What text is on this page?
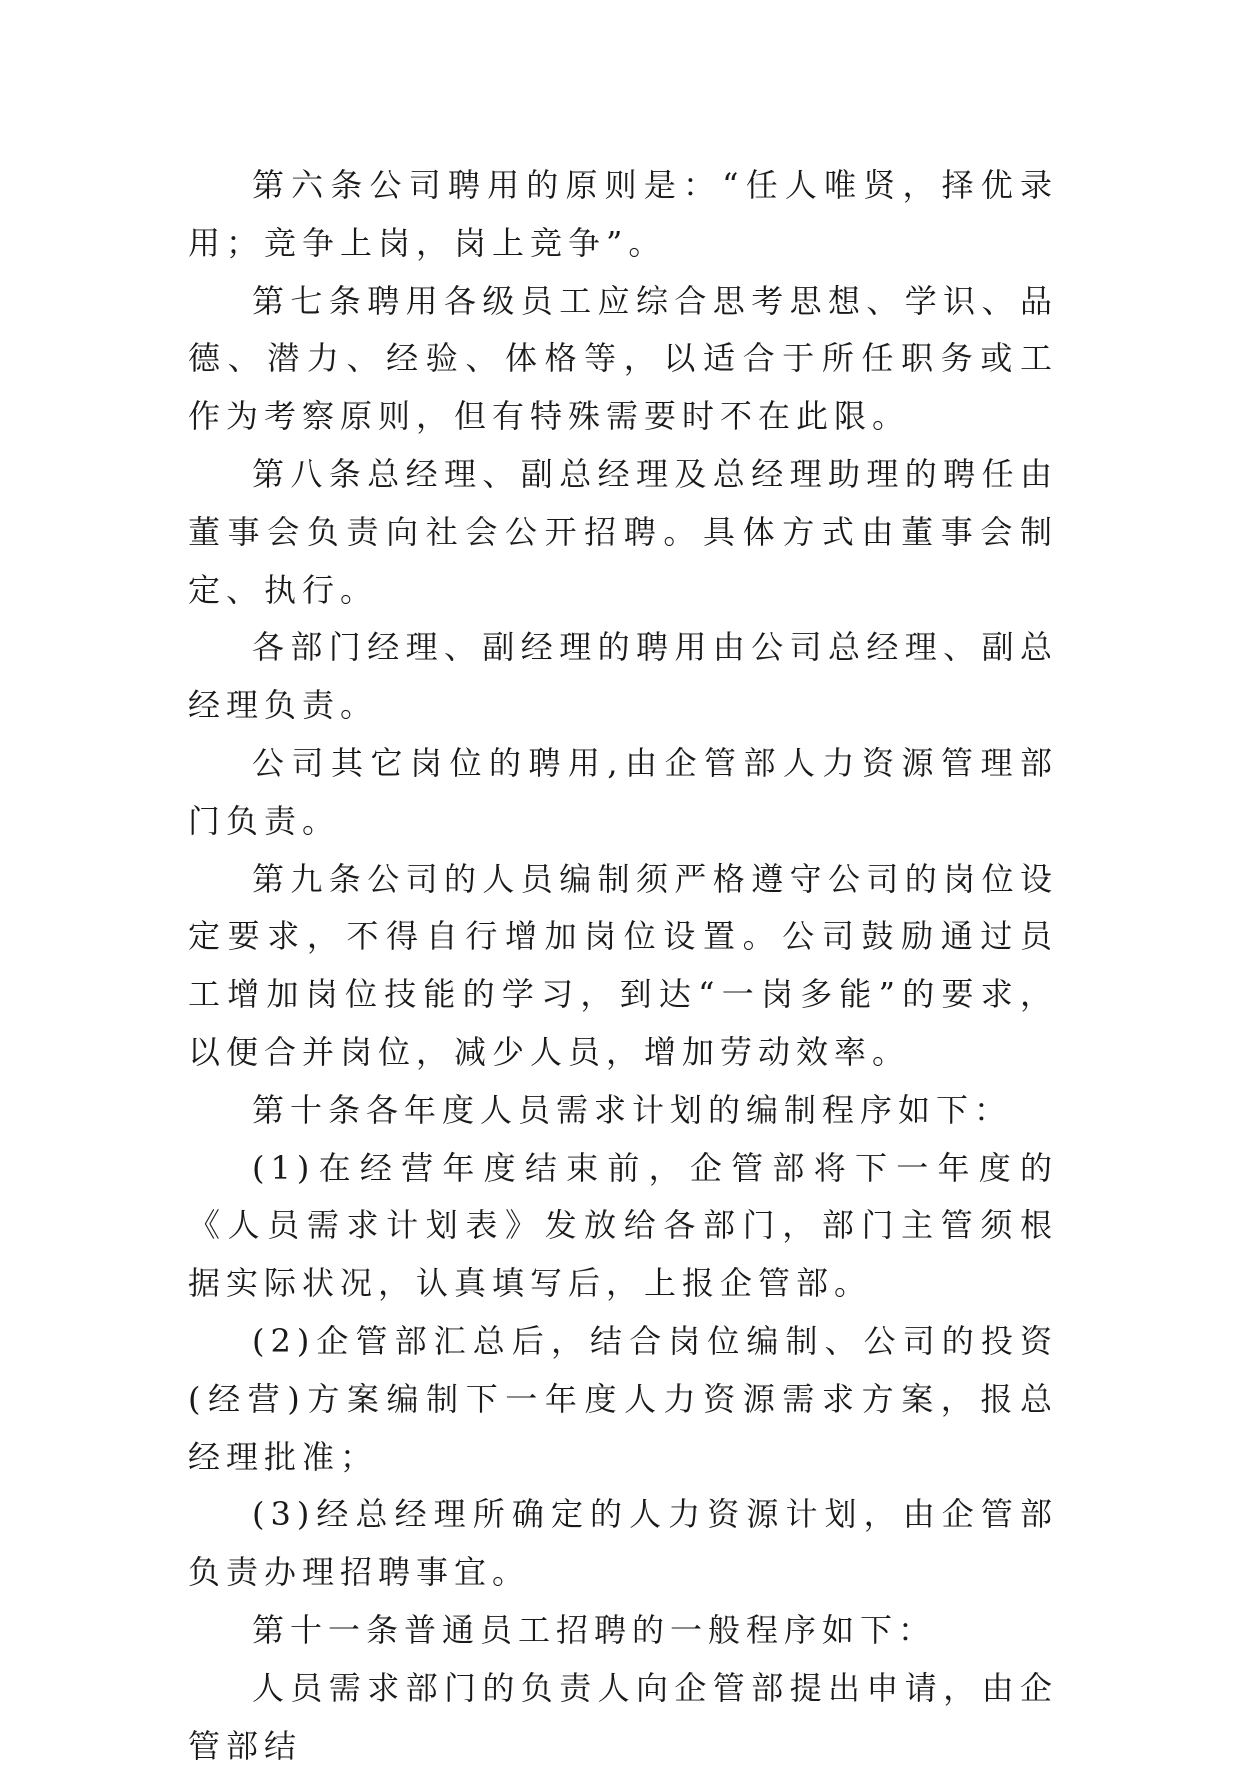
第六条公司聘用的原则是：“任人唯贤，择优录用；竞争上岗，岗上竞争”。

第七条聘用各级员工应综合思考思想、学识、品德、潜力、经验、体格等，以适合于所任职务或工作为考察原则，但有特殊需要时不在此限。

第八条总经理、副总经理及总经理助理的聘任由董事会负责向社会公开招聘。具体方式由董事会制定、执行。

各部门经理、副经理的聘用由公司总经理、副总经理负责。

公司其它岗位的聘用,由企管部人力资源管理部门负责。

第九条公司的人员编制须严格遵守公司的岗位设定要求，不得自行增加岗位设置。公司鼓励通过员工增加岗位技能的学习，到达“一岗多能”的要求，以便合并岗位，减少人员，增加劳动效率。

第十条各年度人员需求计划的编制程序如下：

(1)在经营年度结束前，企管部将下一年度的《人员需求计划表》发放给各部门，部门主管须根据实际状况，认真填写后，上报企管部。

(2)企管部汇总后，结合岗位编制、公司的投资(经营)方案编制下一年度人力资源需求方案，报总经理批准；

(3)经总经理所确定的人力资源计划，由企管部负责办理招聘事宜。

第十一条普通员工招聘的一般程序如下：

人员需求部门的负责人向企管部提出申请，由企管部结
